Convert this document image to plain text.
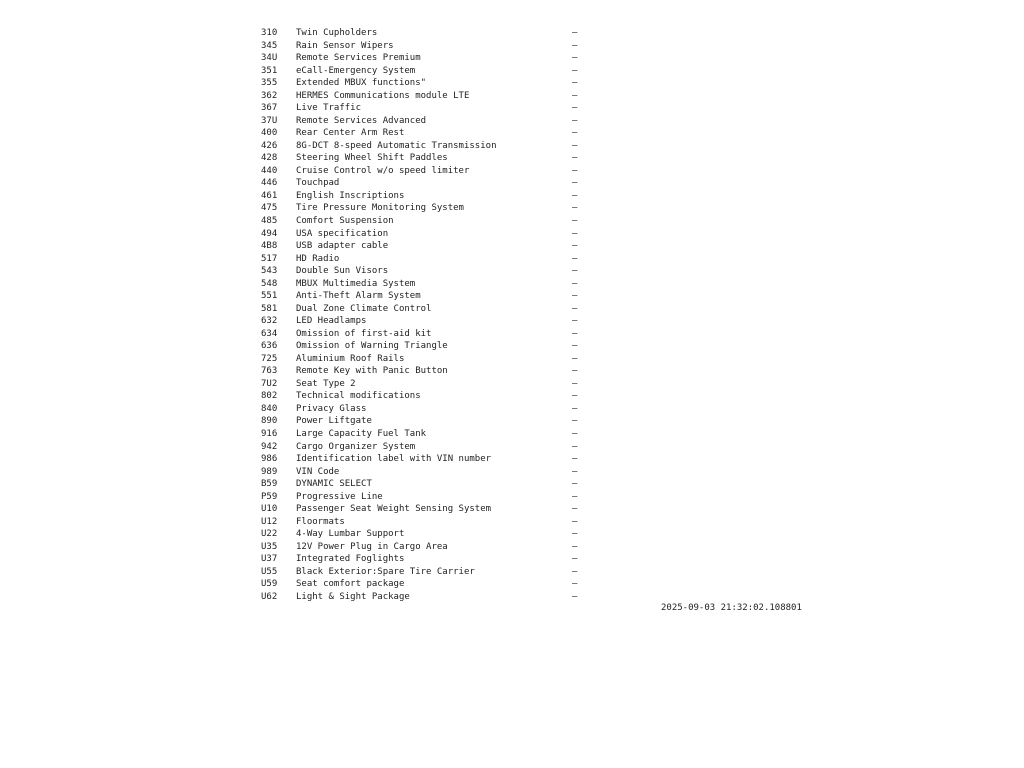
310 Twin Cupholders	—
345 Rain Sensor Wipers	—
34U Remote Services Premium	—
351 eCall-Emergency System	—
355 Extended MBUX functions"	—
362 HERMES Communications module LTE	—
367 Live Traffic	—
37U Remote Services Advanced	—
400 Rear Center Arm Rest	—
426 8G-DCT 8-speed Automatic Transmission	—
428 Steering Wheel Shift Paddles	—
440 Cruise Control w/o speed limiter	—
446 Touchpad	—
461 English Inscriptions	—
475 Tire Pressure Monitoring System	—
485 Comfort Suspension	—
494 USA specification	—
4B8 USB adapter cable	—
517 HD Radio	—
543 Double Sun Visors	—
548 MBUX Multimedia System	—
551 Anti-Theft Alarm System	—
581 Dual Zone Climate Control	—
632 LED Headlamps	—
634 Omission of first-aid kit	—
636 Omission of Warning Triangle	—
725 Aluminium Roof Rails	—
763 Remote Key with Panic Button	—
7U2 Seat Type 2	—
802 Technical modifications	—
840 Privacy Glass	—
890 Power Liftgate	—
916 Large Capacity Fuel Tank	—
942 Cargo Organizer System	—
986 Identification label with VIN number	—
989 VIN Code	—
B59 DYNAMIC SELECT	—
P59 Progressive Line	—
U10 Passenger Seat Weight Sensing System	—
U12 Floormats	—
U22 4-Way Lumbar Support	—
U35 12V Power Plug in Cargo Area	—
U37 Integrated Foglights	—
U55 Black Exterior:Spare Tire Carrier	—
U59 Seat comfort package	—
U62 Light & Sight Package	—
2025-09-03 21:32:02.108801
